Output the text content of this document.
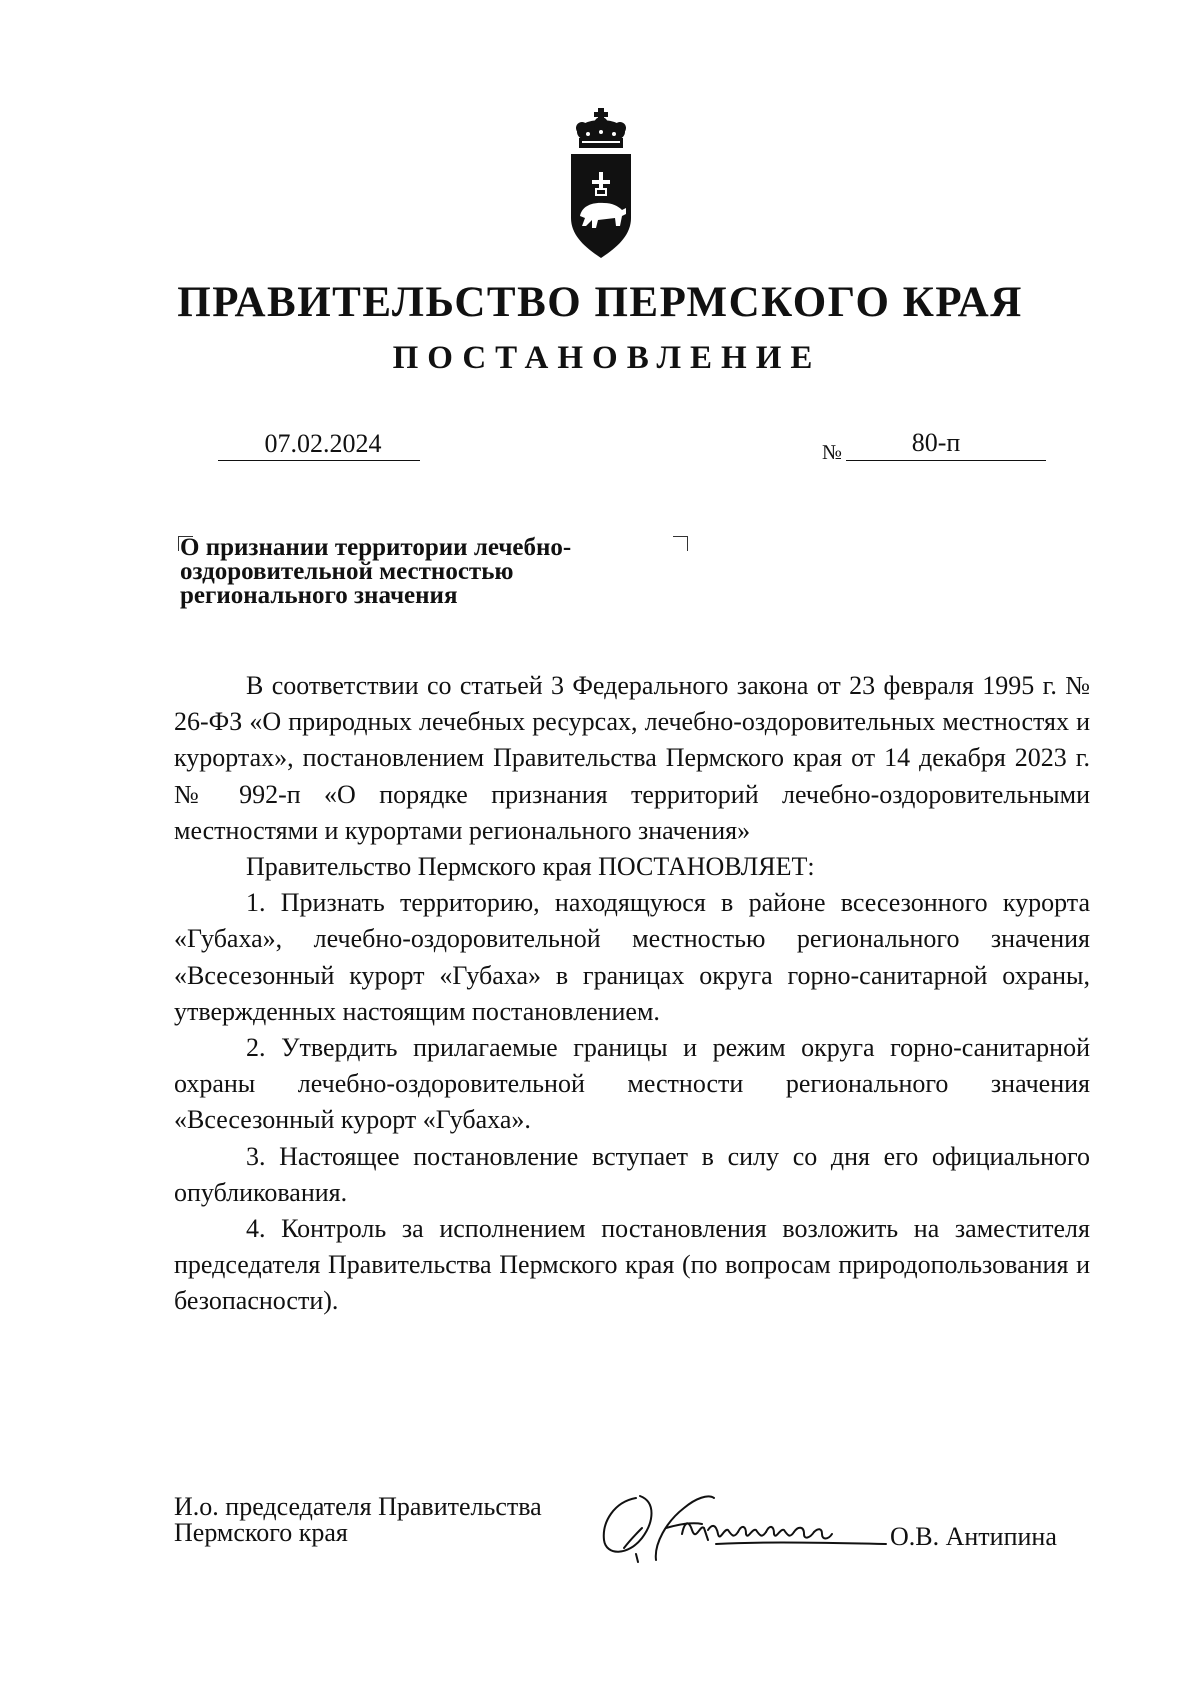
ПРАВИТЕЛЬСТВО ПЕРМСКОГО КРАЯ
ПОСТАНОВЛЕНИЕ
07.02.2024	№	80-п
О признании территории лечебно-
оздоровительной местностью
регионального значения

В соответствии со статьей 3 Федерального закона от 23 февраля 1995 г. № 26-ФЗ «О природных лечебных ресурсах, лечебно-оздоровительных местностях и курортах», постановлением Правительства Пермского края от 14 декабря 2023 г. № 992-п «О порядке признания территорий лечебно-оздоровительными местностями и курортами регионального значения»

Правительство Пермского края ПОСТАНОВЛЯЕТ:

1. Признать территорию, находящуюся в районе всесезонного курорта «Губаха», лечебно-оздоровительной местностью регионального значения «Всесезонный курорт «Губаха» в границах округа горно-санитарной охраны, утвержденных настоящим постановлением.

2. Утвердить прилагаемые границы и режим округа горно-санитарной охраны лечебно-оздоровительной местности регионального значения «Всесезонный курорт «Губаха».

3. Настоящее постановление вступает в силу со дня его официального опубликования.

4. Контроль за исполнением постановления возложить на заместителя председателя Правительства Пермского края (по вопросам природопользования и безопасности).

И.о. председателя Правительства
Пермского края	О.В. Антипина
